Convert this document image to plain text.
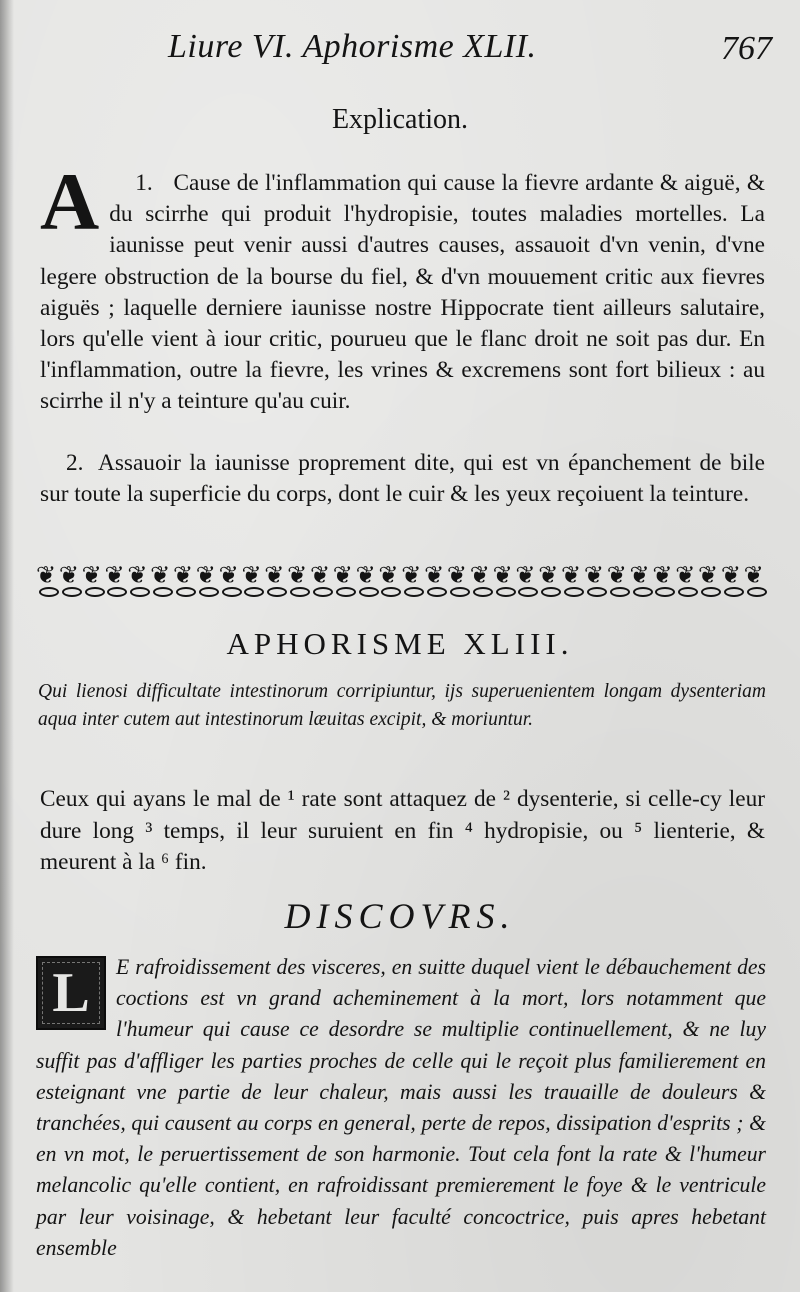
Liure VI. Aphorisme XLII.	767
Explication.

1.
A	Cause de l'inflammation qui cause la fievre ardante & aiguë, & du scirrhe qui produit l'hydropisie, toutes maladies mortelles. La iaunisse peut venir aussi d'autres causes, assauoit d'vn venin, d'vne legere obstruction de la bourse du fiel, & d'vn mouuement critic aux fievres aiguës ; laquelle derniere iaunisse nostre Hippocrate tient ailleurs salutaire, lors qu'elle vient à iour critic, pourueu que le flanc droit ne soit pas dur. En l'inflammation, outre la fievre, les vrines & excremens sont fort bilieux : au scirrhe il n'y a teinture qu'au cuir.

2. Assauoir la iaunisse proprement dite, qui est vn épanchement de bile sur toute la superficie du corps, dont le cuir & les yeux reçoiuent la teinture.

❦
❦
❦
❦
❦
❦
❦
❦
❦
❦
❦
❦
❦
❦
❦
❦
❦
❦
❦
❦
❦
❦
❦
❦
❦
❦
❦
❦
❦
❦
❦
❦
APHORISME XLIII.
Qui lienosi difficultate intestinorum corripiuntur, ijs superuenientem longam dysenteriam aqua inter cutem aut intestinorum læuitas excipit, & moriuntur.
Ceux qui ayans le mal de ¹ rate sont attaquez de ² dysenterie, si celle-cy leur dure long ³ temps, il leur suruient en fin ⁴ hydropisie, ou ⁵ lienterie, & meurent à la ⁶ fin.
DISCOVRS.
L	E rafroidissement des visceres, en suitte duquel vient le débauchement des coctions est vn grand acheminement à la mort, lors notamment que l'humeur qui cause ce desordre se multiplie continuellement, & ne luy suffit pas d'affliger les parties proches de celle qui le reçoit plus familierement en esteignant vne partie de leur chaleur, mais aussi les trauaille de douleurs & tranchées, qui causent au corps en general, perte de repos, dissipation d'esprits ; & en vn mot, le peruertissement de son harmonie. Tout cela font la rate & l'humeur melancolic qu'elle contient, en rafroidissant premierement le foye & le ventricule par leur voisinage, & hebetant leur faculté concoctrice, puis apres hebetant ensemble
